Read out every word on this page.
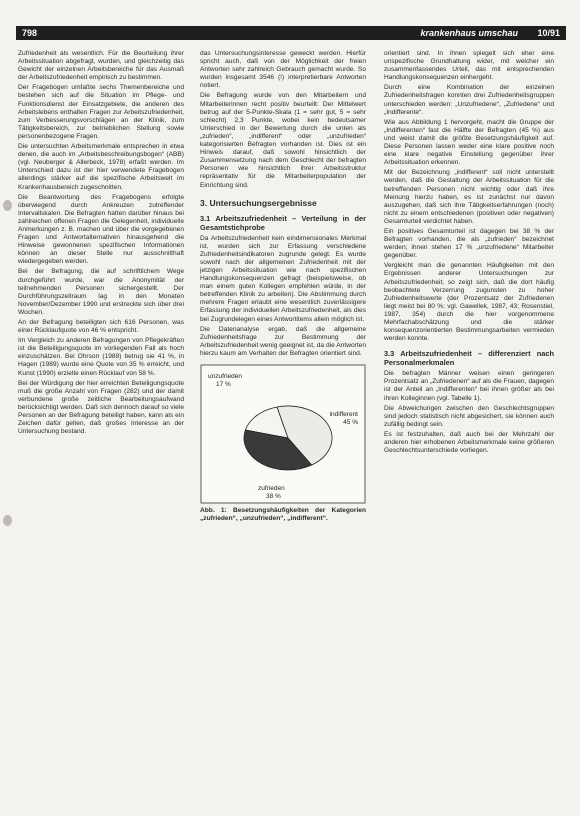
798	krankenhaus umschau 10/91

Zufriedenheit als wesentlich. Für die Beurteilung ihrer Arbeitssituation abgefragt, wurden, und gleichzeitig das Gewicht der einzelnen Arbeitsbereiche für das Ausmaß der Arbeitszufriedenheit empirisch zu bestimmen.

Der Fragebogen umfaßte sechs Themenbereiche und bestehen sich auf die Situation im Pflege- und Funktionsdienst der Einsatzgebiete, die anderen des Arbeitslebens enthalten Fragen zur Arbeitszufriedenheit, zum Verbesserungsvorschlägen an der Klinik, zum Tätigkeitsbereich, zur betrieblichen Stellung sowie personenbezogene Fragen.

Die untersuchten Arbeitsmerkmale entsprechen in etwa denen, die auch im „Arbeitsbeschreibungsbogen“ (ABB) (vgl. Neuberger & Allerbeck, 1978) erfaßt werden. Im Unterschied dazu ist der hier verwendete Fragebogen allerdings stärker auf die spezifische Arbeitswelt im Krankenhausbereich zugeschnitten.

Die Beantwortung des Fragebogens erfolgte überwiegend durch Ankreuzen zutreffender Intervallskalen. Die Befragten hatten darüber hinaus bei zahlreichen offenen Fragen die Gelegenheit, individuelle Anmerkungen z. B. machen und über die vorgegebenen Fragen und Antwortalternativen hinausgehend die Hinweise gewonnenen spezifischen Informationen können an dieser Stelle nur ausschnitthaft wiedergegeben werden.

Bei der Befragung, die auf schriftlichem Wege durchgeführt wurde, war die Anonymität der teilnehmenden Personen sichergestellt. Der Durchführungszeitraum lag in den Monaten November/Dezember 1990 und erstreckte sich über drei Wochen.

An der Befragung beteiligten sich 616 Personen, was einer Rücklaufquote von 46 % entspricht.

Im Vergleich zu anderen Befragungen von Pflegekräften ist die Beteiligungsquote im vorliegenden Fall als hoch einzuschätzen. Bei Ohrson (1989) betrug sie 41 %, in Hagen (1989) wurde eine Quote von 35 % erreicht, und Kunst (1990) erzielte einen Rücklauf von 58 %.

Bei der Würdigung der hier erreichten Beteiligungsquote muß die große Anzahl von Fragen (282) und der damit verbundene große zeitliche Bearbeitungsaufwand berücksichtigt werden. Daß sich dennoch darauf so viele Personen an der Befragung beteiligt haben, kann als ein Zeichen dafür gelten, daß großes Interesse an der Untersuchung bestand.

das Untersuchungsinteresse geweckt werden. Hierfür spricht auch, daß von der Möglichkeit der freien Antworten sehr zahlreich Gebrauch gemacht wurde. So wurden insgesamt 3546 (!) interpretierbare Antworten notiert.

Die Befragung wurde von den Mitarbeitern und Mitarbeiterinnen recht positiv beurteilt: Der Mittelwert betrug auf der 5-Punkte-Skala (1 = sehr gut, 5 = sehr schlecht) 2,3 Punkte, wobei kein bedeutsamer Unterschied in der Bewertung durch die unten als „zufrieden“, „indifferent“ oder „unzufrieden“ kategorisierten Befragten vorhanden ist. Dies ist ein Hinweis darauf, daß sowohl hinsichtlich der Zusammensetzung nach dem Geschlecht der befragten Personen wie hinsichtlich ihrer Arbeitsstruktur repräsentativ für die Mitarbeiterpopulation der Einrichtung sind.

3. Untersuchungsergebnisse
3.1 Arbeitszufriedenheit – Verteilung in der Gesamtstichprobe

Da Arbeitszufriedenheit kein eindimensionales Merkmal ist, wurden sich zur Erfassung verschiedene Zufriedenheitsindikatoren zugrunde gelegt. Es wurde sowohl nach der allgemeinen Zufriedenheit mit der jetzigen Arbeitssituation wie nach spezifischen Handlungskonsequenzen gefragt (beispielsweise, ob man einem guten Kollegen empfehlen würde, in der betreffenden Klinik zu arbeiten). Die Abstimmung durch mehrere Fragen erlaubt eine wesentlich zuverlässigere Erfassung der individuellen Arbeitszufriedenheit, als dies bei Zugrundelegen eines Antwortitems allein möglich ist.

Die Datenanalyse ergab, daß die allgemeine Zufriedenheitsfrage zur Bestimmung der Arbeitszufriedenheit wenig geeignet ist, da die Antworten hierzu kaum am Verhalten der Befragten orientiert sind.

unzufrieden
17 %
indifferent
45 %
zufrieden
38 %
Abb. 1: Besetzungshäufigkeiten der Kategorien „zufrieden“, „unzufrieden“, „indifferent“.

orientiert sind. In ihnen spiegelt sich eher eine unspezifische Grundhaltung wider, mit welcher ein zusammenfassendes Urteil, das mit entsprechenden Handlungskonsequenzen einhergeht.

Durch eine Kombination der einzelnen Zufriedenheitsfragen konnten drei Zufriedenheitsgruppen unterschieden werden: „Unzufriedene“, „Zufriedene“ und „Indifferente“.

Wie aus Abbildung 1 hervorgeht, macht die Gruppe der „Indifferenten“ fast die Hälfte der Befragten (45 %) aus und weist damit die größte Besetzungshäufigkeit auf. Diese Personen lassen weder eine klare positive noch eine klare negative Einstellung gegenüber ihrer Arbeitssituation erkennen.

Mit der Bezeichnung „indifferent“ soll nicht unterstellt werden, daß die Gestaltung der Arbeitssituation für die betreffenden Personen nicht wichtig oder daß ihre Meinung hierzu haben, es ist zunächst nur davon auszugehen, daß sich ihre Tätigkeitserfahrungen (noch) nicht zu einem entschiedenen (positiven oder negativen) Gesamturteil verdichtet haben.

Ein positives Gesamturteil ist dagegen bei 38 % der Befragten vorhanden, die als „zufrieden“ bezeichnet werden; ihnen stehen 17 % „unzufriedene“ Mitarbeiter gegenüber.

Vergleicht man die genannten Häufigkeiten mit den Ergebnissen anderer Untersuchungen zur Arbeitszufriedenheit, so zeigt sich, daß die dort häufig beobachtete Verzerrung zugunsten zu hoher Zufriedenheitswerte (der Prozentsatz der Zufriedenen liegt meist bei 80 %; vgl. Gawellek, 1987, 43; Rosenstiel, 1987, 354) durch die hier vorgenommene Mehrfachabschätzung und die stärker konsequenzorientierten Bestimmungsarbeiten vermieden werden konnte.

3.3 Arbeitszufriedenheit – differenziert nach Personalmerkmalen

Die befragten Männer weisen einen geringeren Prozentsatz an „Zufriedenen“ auf als die Frauen, dagegen ist der Anteil an „Indifferenten“ bei ihnen größer als bei ihren Kolleginnen (vgl. Tabelle 1).

Die Abweichungen zwischen den Geschlechtsgruppen sind jedoch statistisch nicht abgesichert, sie können auch zufällig bedingt sein.

Es ist festzuhalten, daß auch bei der Mehrzahl der anderen hier erhobenen Arbeitsmerkmale keine größeren Geschlechtsunterschiede vorliegen.
